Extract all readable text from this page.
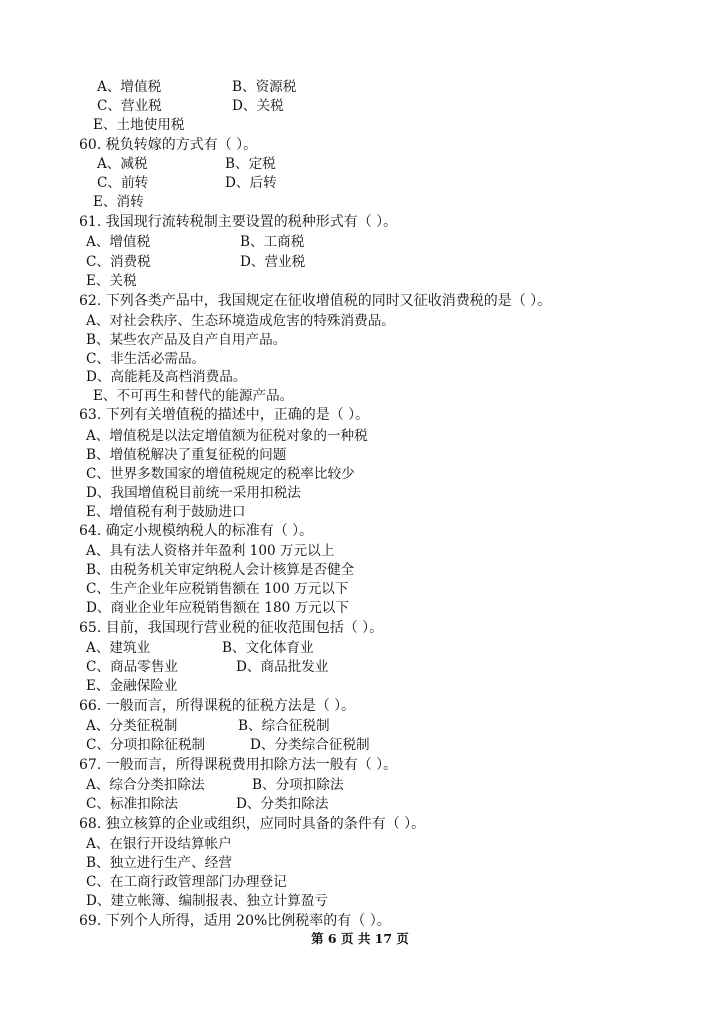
A、增值税	B、资源税
C、营业税	D、关税
E、土地使用税
60. 税负转嫁的方式有（ ）。
A、减税	B、定税
C、前转	D、后转
E、消转
61. 我国现行流转税制主要设置的税种形式有（ ）。
A、增值税	B、工商税
C、消费税	D、营业税
E、关税
62. 下列各类产品中，我国规定在征收增值税的同时又征收消费税的是（ ）。
A、对社会秩序、生态环境造成危害的特殊消费品。
B、某些农产品及自产自用产品。
C、非生活必需品。
D、高能耗及高档消费品。
E、不可再生和替代的能源产品。
63. 下列有关增值税的描述中，正确的是（ ）。
A、增值税是以法定增值额为征税对象的一种税
B、增值税解决了重复征税的问题
C、世界多数国家的增值税规定的税率比较少
D、我国增值税目前统一采用扣税法
E、增值税有利于鼓励进口
64. 确定小规模纳税人的标准有（ ）。
A、具有法人资格并年盈利 100 万元以上
B、由税务机关审定纳税人会计核算是否健全
C、生产企业年应税销售额在 100 万元以下
D、商业企业年应税销售额在 180 万元以下
65. 目前，我国现行营业税的征收范围包括（ ）。
A、建筑业	B、文化体育业
C、商品零售业	D、商品批发业
E、金融保险业
66. 一般而言，所得课税的征税方法是（ ）。
A、分类征税制	B、综合征税制
C、分项扣除征税制	D、分类综合征税制
67. 一般而言，所得课税费用扣除方法一般有（ ）。
A、综合分类扣除法	B、分项扣除法
C、标准扣除法	D、分类扣除法
68. 独立核算的企业或组织，应同时具备的条件有（ ）。
A、在银行开设结算帐户
B、独立进行生产、经营
C、在工商行政管理部门办理登记
D、建立帐簿、编制报表、独立计算盈亏
69. 下列个人所得，适用 20%比例税率的有（ ）。
第 6 页 共 17 页
